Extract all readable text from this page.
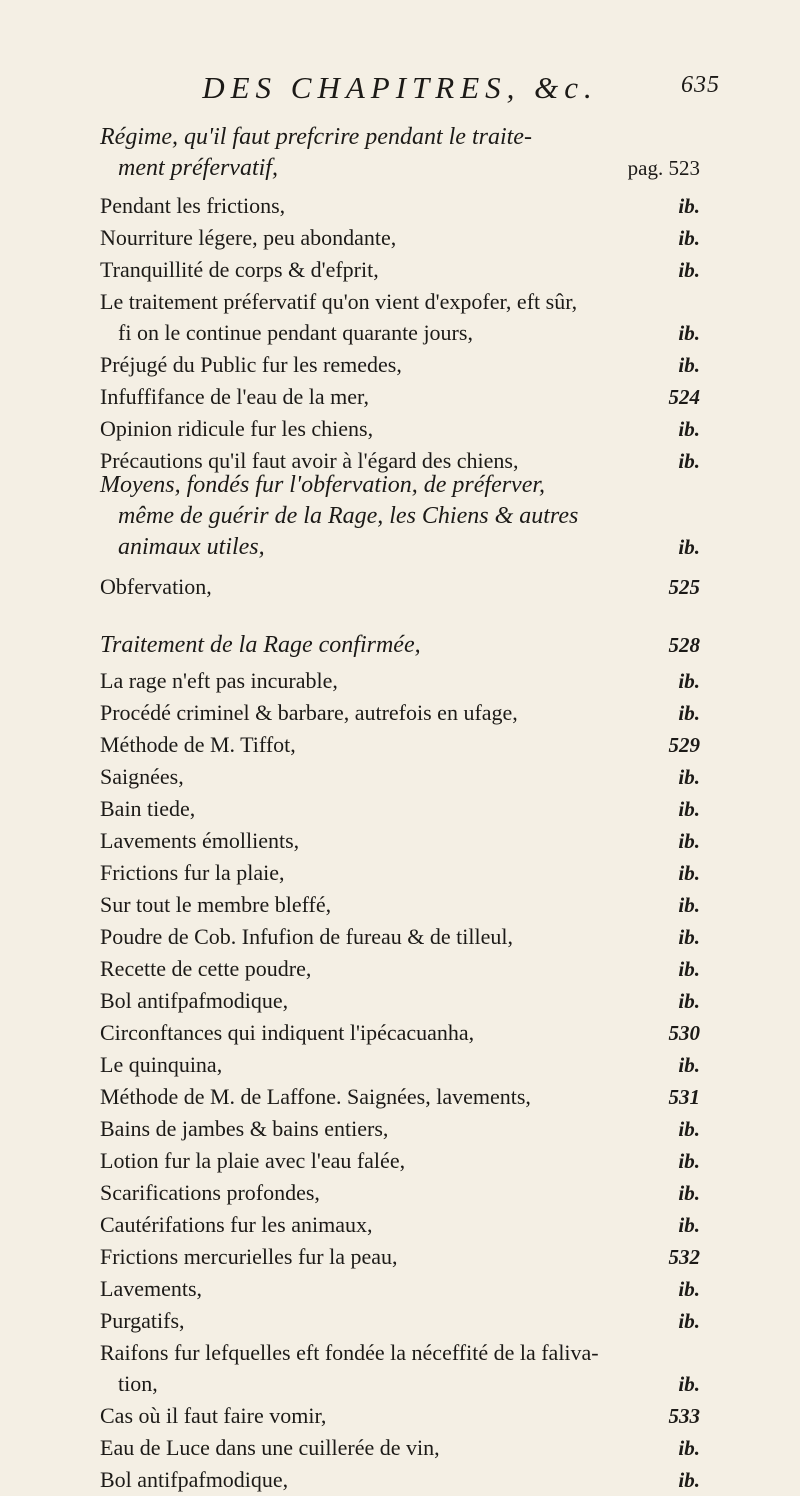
DES CHAPITRES, &c.	635
Régime, qu'il faut prefcrire pendant le traite-
ment préfervatif,	pag. 523
Pendant les frictions,	ib.
Nourriture légere, peu abondante,	ib.
Tranquillité de corps & d'efprit,	ib.
Le traitement préfervatif qu'on vient d'expofer, eft sûr,
fi on le continue pendant quarante jours,	ib.
Préjugé du Public fur les remedes,	ib.
Infuffifance de l'eau de la mer,	524
Opinion ridicule fur les chiens,	ib.
Précautions qu'il faut avoir à l'égard des chiens,	ib.
Moyens, fondés fur l'obfervation, de préferver,
même de guérir de la Rage, les Chiens & autres
animaux utiles,	ib.
Obfervation,	525
Traitement de la Rage confirmée,	528
La rage n'eft pas incurable,	ib.
Procédé criminel & barbare, autrefois en ufage,	ib.
Méthode de M. Tiffot,	529
Saignées,	ib.
Bain tiede,	ib.
Lavements émollients,	ib.
Frictions fur la plaie,	ib.
Sur tout le membre bleffé,	ib.
Poudre de Cob. Infufion de fureau & de tilleul,	ib.
Recette de cette poudre,	ib.
Bol antifpafmodique,	ib.
Circonftances qui indiquent l'ipécacuanha,	530
Le quinquina,	ib.
Méthode de M. de Laffone. Saignées, lavements,	531
Bains de jambes & bains entiers,	ib.
Lotion fur la plaie avec l'eau falée,	ib.
Scarifications profondes,	ib.
Cautérifations fur les animaux,	ib.
Frictions mercurielles fur la peau,	532
Lavements,	ib.
Purgatifs,	ib.
Raifons fur lefquelles eft fondée la néceffité de la faliva-
tion,	ib.
Cas où il faut faire vomir,	533
Eau de Luce dans une cuillerée de vin,	ib.
Bol antifpafmodique,	ib.
